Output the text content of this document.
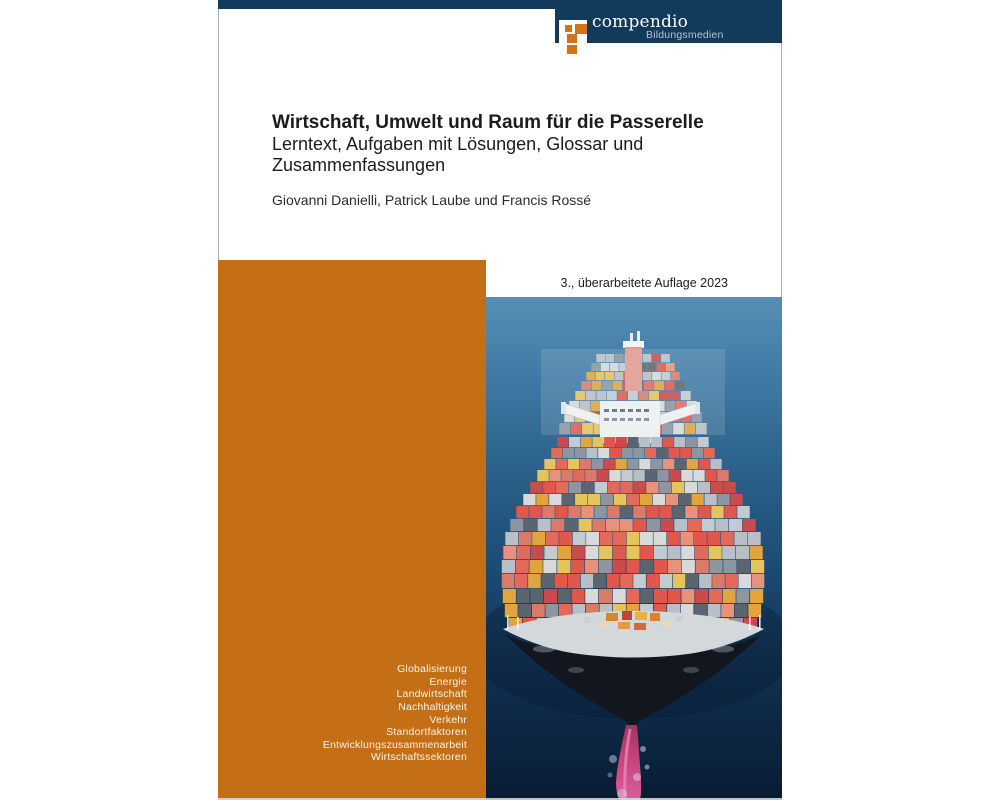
compendio
Bildungsmedien
Wirtschaft, Umwelt und Raum für die Passerelle
Lerntext, Aufgaben mit Lösungen, Glossar und
Zusammenfassungen
Giovanni Danielli, Patrick Laube und Francis Rossé
3., überarbeitete Auflage 2023
Globalisierung
Energie
Landwirtschaft
Nachhaltigkeit
Verkehr
Standortfaktoren
Entwicklungszusammenarbeit
Wirtschaftssektoren
